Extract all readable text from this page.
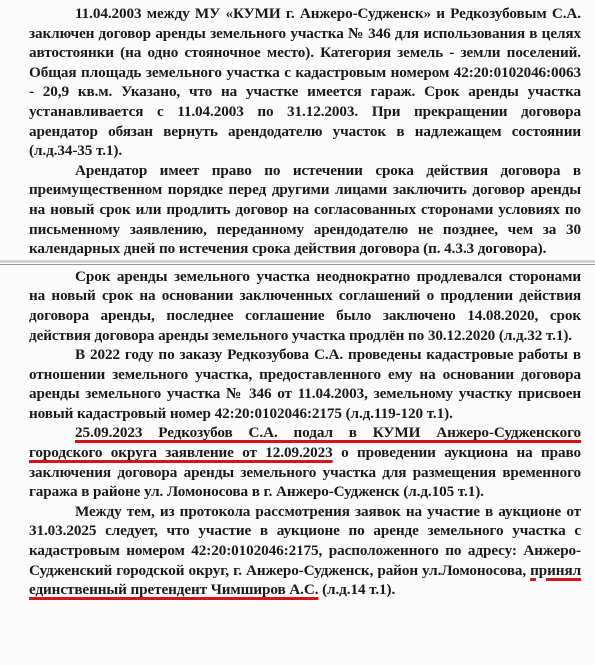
11.04.2003 между МУ «КУМИ г. Анжеро-Судженск» и Редкозубовым С.А. заключен договор аренды земельного участка № 346 для использования в целях автостоянки (на одно стояночное место). Категория земель - земли поселений. Общая площадь земельного участка с кадастровым номером 42:20:0102046:0063 - 20,9 кв.м. Указано, что на участке имеется гараж. Срок аренды участка устанавливается с 11.04.2003 по 31.12.2003. При прекращении договора арендатор обязан вернуть арендодателю участок в надлежащем состоянии (л.д.34-35 т.1).

Арендатор имеет право по истечении срока действия договора в преимущественном порядке перед другими лицами заключить договор аренды на новый срок или продлить договор на согласованных сторонами условиях по письменному заявлению, переданному арендодателю не позднее, чем за 30 календарных дней по истечения срока действия договора (п. 4.3.3 договора).

Срок аренды земельного участка неоднократно продлевался сторонами на новый срок на основании заключенных соглашений о продлении действия договора аренды, последнее соглашение было заключено 14.08.2020, срок действия договора аренды земельного участка продлён по 30.12.2020 (л.д.32 т.1).

В 2022 году по заказу Редкозубова С.А. проведены кадастровые работы в отношении земельного участка, предоставленного ему на основании договора аренды земельного участка № 346 от 11.04.2003, земельному участку присвоен новый кадастровый номер 42:20:0102046:2175 (л.д.119-120 т.1).

25.09.2023 Редкозубов С.А. подал в КУМИ Анжеро-Судженского городского округа заявление от 12.09.2023 о проведении аукциона на право заключения договора аренды земельного участка для размещения временного гаража в районе ул. Ломоносова в г. Анжеро-Судженск (л.д.105 т.1).

Между тем, из протокола рассмотрения заявок на участие в аукционе от 31.03.2025 следует, что участие в аукционе по аренде земельного участка с кадастровым номером 42:20:0102046:2175, расположенного по адресу: Анжеро-Судженский городской округ, г. Анжеро-Судженск, район ул.Ломоносова, принял единственный претендент Чимширов А.С. (л.д.14 т.1).
